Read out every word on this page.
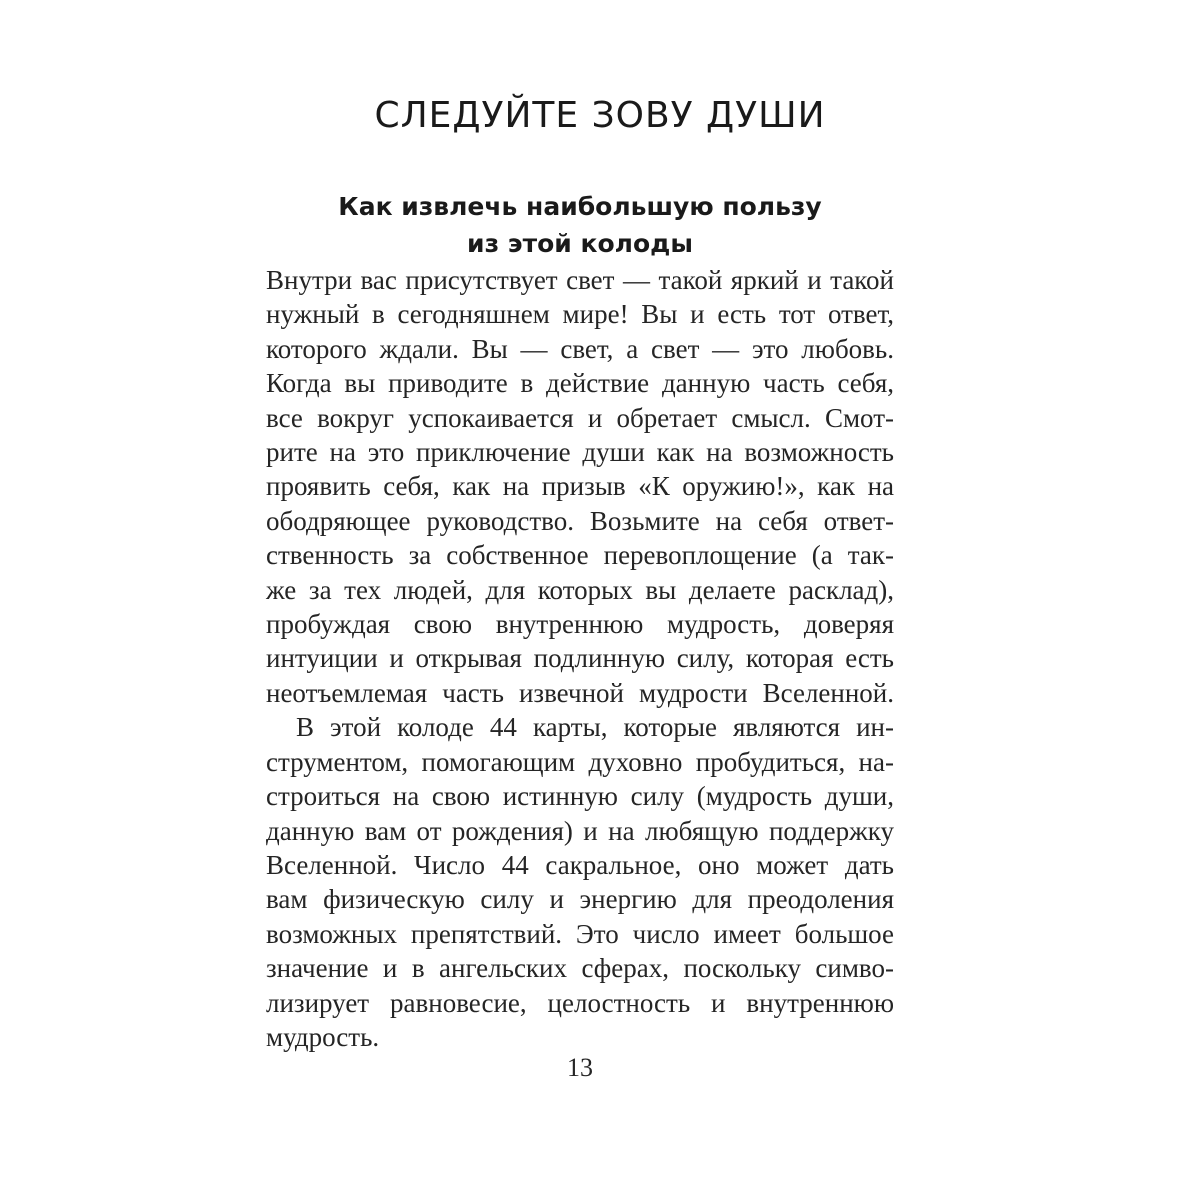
СЛЕДУЙТЕ ЗОВУ ДУШИ
Как извлечь наибольшую пользу
из этой колоды

Внутри вас присутствует свет — такой яркий и такой
нужный в сегодняшнем мире! Вы и есть тот ответ,
которого ждали. Вы — свет, а свет — это любовь.
Когда вы приводите в действие данную часть себя,
все вокруг успокаивается и обретает смысл. Смот-
рите на это приключение души как на возможность
проявить себя, как на призыв «К оружию!», как на
ободряющее руководство. Возьмите на себя ответ-
ственность за собственное перевоплощение (а так-
же за тех людей, для которых вы делаете расклад),
пробуждая свою внутреннюю мудрость, доверяя
интуиции и открывая подлинную силу, которая есть
неотъемлемая часть извечной мудрости Вселенной.

В этой колоде 44 карты, которые являются ин-
струментом, помогающим духовно пробудиться, на-
строиться на свою истинную силу (мудрость души,
данную вам от рождения) и на любящую поддержку
Вселенной. Число 44 сакральное, оно может дать
вам физическую силу и энергию для преодоления
возможных препятствий. Это число имеет большое
значение и в ангельских сферах, поскольку симво-
лизирует равновесие, целостность и внутреннюю
мудрость.

13
